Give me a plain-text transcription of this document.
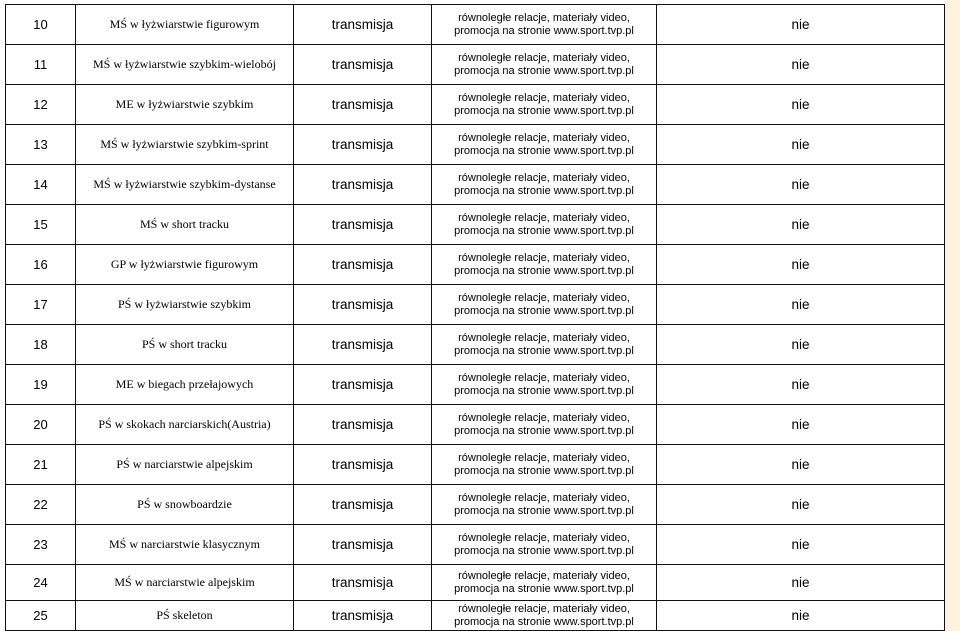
10	MŚ w łyżwiarstwie figurowym	transmisja	równoległe relacje, materiały video,
promocja na stronie www.sport.tvp.pl	nie
11	MŚ w łyżwiarstwie szybkim-wielobój	transmisja	równoległe relacje, materiały video,
promocja na stronie www.sport.tvp.pl	nie
12	ME w łyżwiarstwie szybkim	transmisja	równoległe relacje, materiały video,
promocja na stronie www.sport.tvp.pl	nie
13	MŚ w łyżwiarstwie szybkim-sprint	transmisja	równoległe relacje, materiały video,
promocja na stronie www.sport.tvp.pl	nie
14	MŚ w łyżwiarstwie szybkim-dystanse	transmisja	równoległe relacje, materiały video,
promocja na stronie www.sport.tvp.pl	nie
15	MŚ w short tracku	transmisja	równoległe relacje, materiały video,
promocja na stronie www.sport.tvp.pl	nie
16	GP w łyżwiarstwie figurowym	transmisja	równoległe relacje, materiały video,
promocja na stronie www.sport.tvp.pl	nie
17	PŚ w łyżwiarstwie szybkim	transmisja	równoległe relacje, materiały video,
promocja na stronie www.sport.tvp.pl	nie
18	PŚ w short tracku	transmisja	równoległe relacje, materiały video,
promocja na stronie www.sport.tvp.pl	nie
19	ME w biegach przełajowych	transmisja	równoległe relacje, materiały video,
promocja na stronie www.sport.tvp.pl	nie
20	PŚ w skokach narciarskich(Austria)	transmisja	równoległe relacje, materiały video,
promocja na stronie www.sport.tvp.pl	nie
21	PŚ w narciarstwie alpejskim	transmisja	równoległe relacje, materiały video,
promocja na stronie www.sport.tvp.pl	nie
22	PŚ w snowboardzie	transmisja	równoległe relacje, materiały video,
promocja na stronie www.sport.tvp.pl	nie
23	MŚ w narciarstwie klasycznym	transmisja	równoległe relacje, materiały video,
promocja na stronie www.sport.tvp.pl	nie
24	MŚ w narciarstwie alpejskim	transmisja	równoległe relacje, materiały video,
promocja na stronie www.sport.tvp.pl	nie
25	PŚ skeleton	transmisja	równoległe relacje, materiały video,
promocja na stronie www.sport.tvp.pl	nie
